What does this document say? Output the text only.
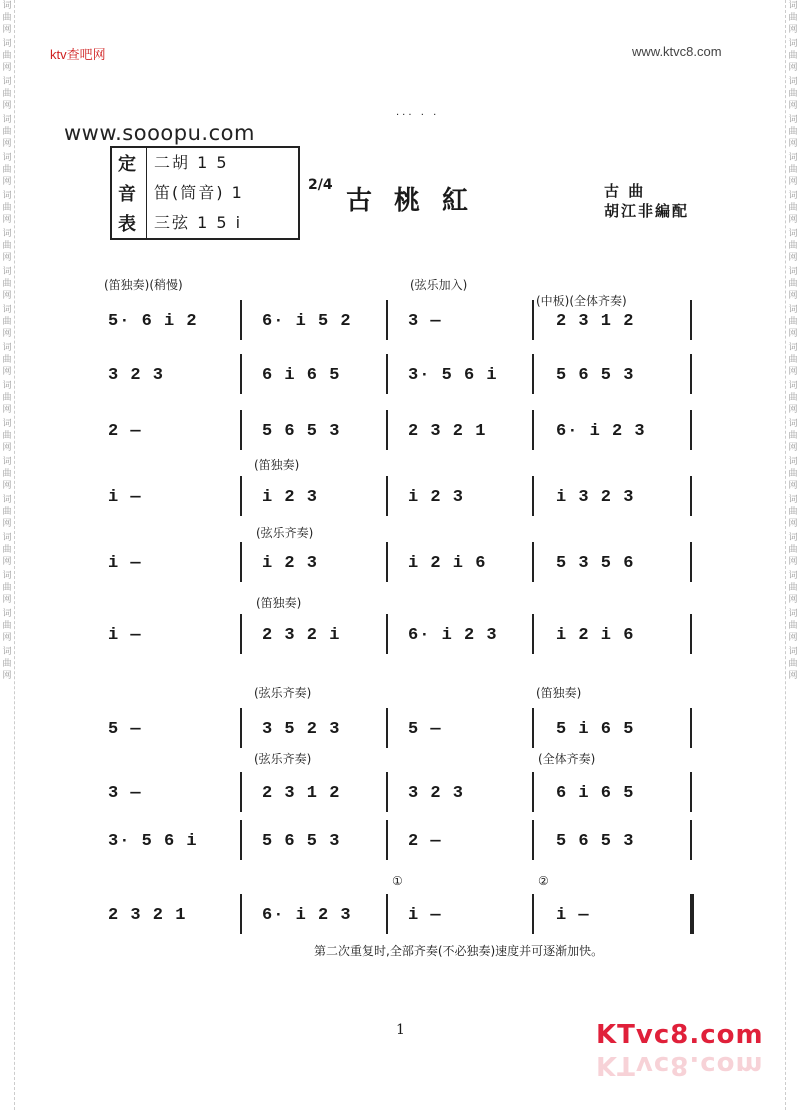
词
曲
网
词
曲
网
词
曲
网
词
曲
网
词
曲
网
词
曲
网
词
曲
网
词
曲
网
词
曲
网
词
曲
网
词
曲
网
词
曲
网
词
曲
网
词
曲
网
词
曲
网
词
曲
网
词
曲
网
词
曲
网
词
曲
网
词
曲
网
词
曲
网
词
曲
网
词
曲
网
词
曲
网
词
曲
网
词
曲
网
词
曲
网
词
曲
网
词
曲
网
词
曲
网
词
曲
网
词
曲
网
词
曲
网
词
曲
网
词
曲
网
词
曲
网
ktv查吧网	www.ktvc8.com
··· · ·
www.sooopu.com
定 二胡 1 5
音 笛(筒音) 1
表 三弦 1 5 i
2/4
古桃紅	古 曲
胡江非編配
5· 6 i 2	6· i 5 2	3 —	2 3 1 2
(笛独奏)(稍慢)	(弦乐加入)
(中板)(全体齐奏)
3 2 3	6 i 6 5	3· 5 6 i	5 6 5 3
2 —	5 6 5 3	2 3 2 1	6· i 2 3
i —	i 2 3	i 2 3	i 3 2 3
(笛独奏)
i —	i 2 3	i 2 i 6	5 3 5 6
(弦乐齐奏)
i —	2 3 2 i	6· i 2 3	i 2 i 6
(笛独奏)
5 —	3 5 2 3	5 —	5 i 6 5
(弦乐齐奏)	(笛独奏)
3 —	2 3 1 2	3 2 3	6 i 6 5
(弦乐齐奏)	(全体齐奏)
3· 5 6 i	5 6 5 3	2 —	5 6 5 3
2 3 2 1	6· i 2 3	i —	i —
①	②
第二次重复时,全部齐奏(不必独奏)速度并可逐渐加快。
1	KTvc8.com
KTvc8.com
